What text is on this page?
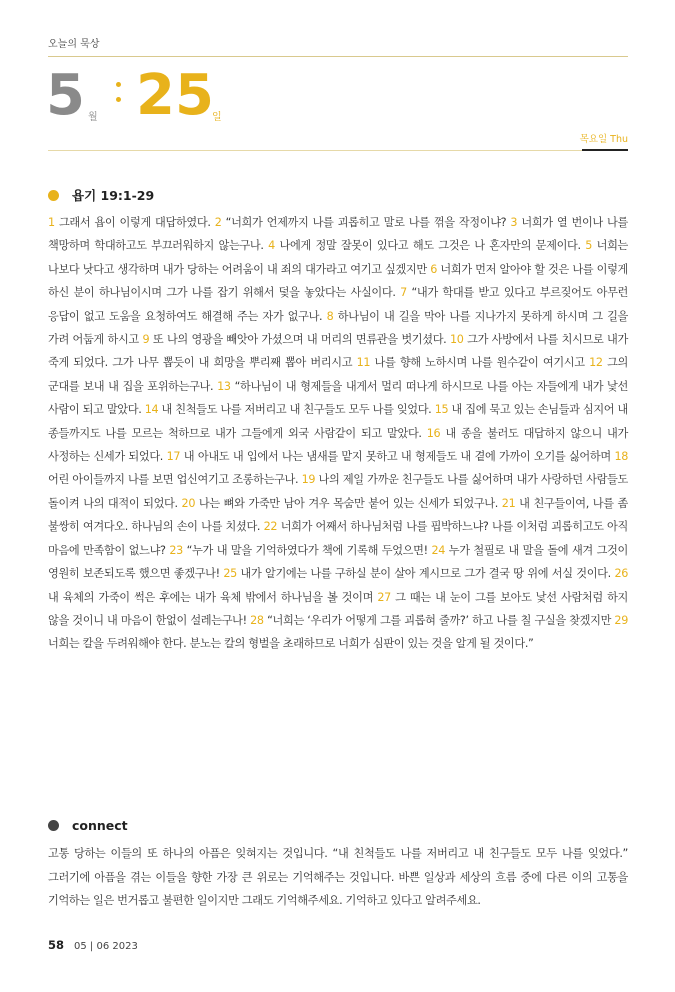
오늘의 묵상
5 월 25
일
목요일 Thu
욥기 19:1-29
1 그래서 욥이 이렇게 대답하였다. 2 “너희가 언제까지 나를 괴롭히고 말로 나를 꺾을 작정이냐? 3 너희가 열 번이나 나를 책망하며 학대하고도 부끄러워하지 않는구나. 4 나에게 정말 잘못이 있다고 해도 그것은 나 혼자만의 문제이다. 5 너희는 나보다 낫다고 생각하며 내가 당하는 어려움이 내 죄의 대가라고 여기고 싶겠지만 6 너희가 먼저 알아야 할 것은 나를 이렇게 하신 분이 하나님이시며 그가 나를 잡기 위해서 덫을 놓았다는 사실이다. 7 “내가 학대를 받고 있다고 부르짖어도 아무런 응답이 없고 도움을 요청하여도 해결해 주는 자가 없구나. 8 하나님이 내 길을 막아 나를 지나가지 못하게 하시며 그 길을 가려 어둡게 하시고 9 또 나의 영광을 빼앗아 가셨으며 내 머리의 면류관을 벗기셨다. 10 그가 사방에서 나를 치시므로 내가 죽게 되었다. 그가 나무 뽑듯이 내 희망을 뿌리째 뽑아 버리시고 11 나를 향해 노하시며 나를 원수같이 여기시고 12 그의 군대를 보내 내 집을 포위하는구나. 13 “하나님이 내 형제들을 내게서 멀리 떠나게 하시므로 나를 아는 자들에게 내가 낯선 사람이 되고 말았다. 14 내 친척들도 나를 저버리고 내 친구들도 모두 나를 잊었다. 15 내 집에 묵고 있는 손님들과 심지어 내 종들까지도 나를 모르는 척하므로 내가 그들에게 외국 사람같이 되고 말았다. 16 내 종을 불러도 대답하지 않으니 내가 사정하는 신세가 되었다. 17 내 아내도 내 입에서 나는 냄새를 맡지 못하고 내 형제들도 내 곁에 가까이 오기를 싫어하며 18 어린 아이들까지 나를 보면 업신여기고 조롱하는구나. 19 나의 제일 가까운 친구들도 나를 싫어하며 내가 사랑하던 사람들도 돌이켜 나의 대적이 되었다. 20 나는 뼈와 가죽만 남아 겨우 목숨만 붙어 있는 신세가 되었구나. 21 내 친구들이여, 나를 좀 불쌍히 여겨다오. 하나님의 손이 나를 치셨다. 22 너희가 어째서 하나님처럼 나를 핍박하느냐? 나를 이처럼 괴롭히고도 아직 마음에 만족함이 없느냐? 23 “누가 내 말을 기억하였다가 책에 기록해 두었으면! 24 누가 철필로 내 말을 돌에 새겨 그것이 영원히 보존되도록 했으면 좋겠구나! 25 내가 알기에는 나를 구하실 분이 살아 계시므로 그가 결국 땅 위에 서실 것이다. 26 내 육체의 가죽이 썩은 후에는 내가 육체 밖에서 하나님을 볼 것이며 27 그 때는 내 눈이 그를 보아도 낯선 사람처럼 하지 않을 것이니 내 마음이 한없이 설레는구나! 28 “너희는 ‘우리가 어떻게 그를 괴롭혀 줄까?’ 하고 나를 칠 구실을 찾겠지만 29 너희는 칼을 두려워해야 한다. 분노는 칼의 형벌을 초래하므로 너희가 심판이 있는 것을 알게 될 것이다.”
connect
고통 당하는 이들의 또 하나의 아픔은 잊혀지는 것입니다. “내 친척들도 나를 저버리고 내 친구들도 모두 나를 잊었다.” 그러기에 아픔을 겪는 이들을 향한 가장 큰 위로는 기억해주는 것입니다. 바쁜 일상과 세상의 흐름 중에 다른 이의 고통을 기억하는 일은 번거롭고 불편한 일이지만 그래도 기억해주세요. 기억하고 있다고 알려주세요.
58 05 | 06 2023
